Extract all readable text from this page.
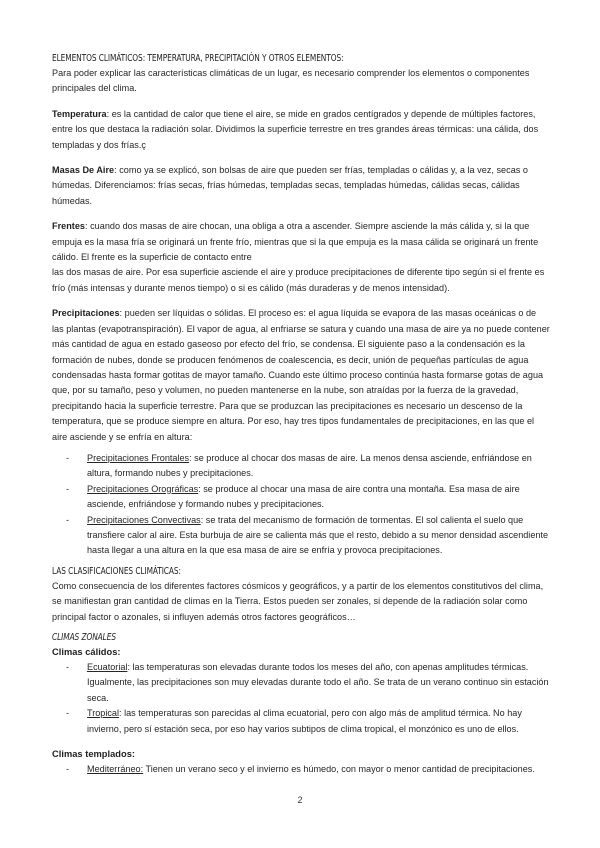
ELEMENTOS CLIMÁTICOS: TEMPERATURA, PRECIPITACIÓN Y OTROS ELEMENTOS:

Para poder explicar las características climáticas de un lugar, es necesario comprender los elementos o componentes principales del clima.

Temperatura: es la cantidad de calor que tiene el aire, se mide en grados centígrados y depende de múltiples factores, entre los que destaca la radiación solar. Dividimos la superficie terrestre en tres grandes áreas térmicas: una cálida, dos templadas y dos frías.ç

Masas De Aire: como ya se explicó, son bolsas de aire que pueden ser frías, templadas o cálidas y, a la vez, secas o húmedas. Diferenciamos: frías secas, frías húmedas, templadas secas, templadas húmedas, cálidas secas, cálidas húmedas.

Frentes: cuando dos masas de aire chocan, una obliga a otra a ascender. Siempre asciende la más cálida y, si la que empuja es la masa fría se originará un frente frío, mientras que si la que empuja es la masa cálida se originará un frente cálido. El frente es la superficie de contacto entre

las dos masas de aire. Por esa superficie asciende el aire y produce precipitaciones de diferente tipo según si el frente es frío (más intensas y durante menos tiempo) o si es cálido (más duraderas y de menos intensidad).

Precipitaciones: pueden ser líquidas o sólidas. El proceso es: el agua líquida se evapora de las masas oceánicas o de las plantas (evapotranspiración). El vapor de agua, al enfriarse se satura y cuando una masa de aire ya no puede contener más cantidad de agua en estado gaseoso por efecto del frío, se condensa. El siguiente paso a la condensación es la formación de nubes, donde se producen fenómenos de coalescencia, es decir, unión de pequeñas partículas de agua condensadas hasta formar gotitas de mayor tamaño. Cuando este último proceso continúa hasta formarse gotas de agua que, por su tamaño, peso y volumen, no pueden mantenerse en la nube, son atraídas por la fuerza de la gravedad, precipitando hacia la superficie terrestre. Para que se produzcan las precipitaciones es necesario un descenso de la temperatura, que se produce siempre en altura. Por eso, hay tres tipos fundamentales de precipitaciones, en las que el aire asciende y se enfría en altura:

- Precipitaciones Frontales: se produce al chocar dos masas de aire. La menos densa asciende, enfriándose en altura, formando nubes y precipitaciones.
- Precipitaciones Orográficas: se produce al chocar una masa de aire contra una montaña. Esa masa de aire asciende, enfriándose y formando nubes y precipitaciones.
- Precipitaciones Convectivas: se trata del mecanismo de formación de tormentas. El sol calienta el suelo que transfiere calor al aire. Esta burbuja de aire se calienta más que el resto, debido a su menor densidad ascendiente hasta llegar a una altura en la que esa masa de aire se enfría y provoca precipitaciones.
LAS CLASIFICACIONES CLIMÁTICAS:

Como consecuencia de los diferentes factores cósmicos y geográficos, y a partir de los elementos constitutivos del clima, se manifiestan gran cantidad de climas en la Tierra. Estos pueden ser zonales, si depende de la radiación solar como principal factor o azonales, si influyen además otros factores geográficos…

CLIMAS ZONALES

Climas cálidos:

- Ecuatorial: las temperaturas son elevadas durante todos los meses del año, con apenas amplitudes térmicas. Igualmente, las precipitaciones son muy elevadas durante todo el año. Se trata de un verano continuo sin estación seca.
- Tropical: las temperaturas son parecidas al clima ecuatorial, pero con algo más de amplitud térmica. No hay invierno, pero sí estación seca, por eso hay varios subtipos de clima tropical, el monzónico es uno de ellos.

Climas templados:

- Mediterráneo: Tienen un verano seco y el invierno es húmedo, con mayor o menor cantidad de precipitaciones.
2
